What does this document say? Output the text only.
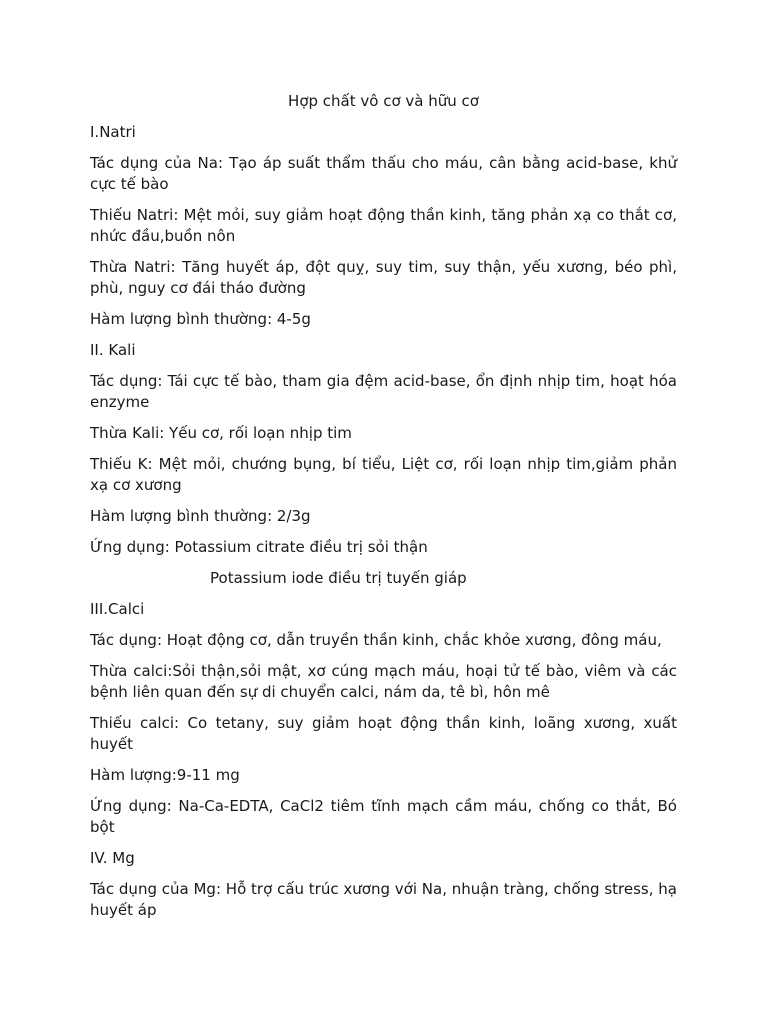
Hợp chất vô cơ và hữu cơ
I.Natri
Tác dụng của Na: Tạo áp suất thẩm thấu cho máu, cân bằng acid-base, khử cực tế bào
Thiếu Natri: Mệt mỏi, suy giảm hoạt động thần kinh, tăng phản xạ co thắt cơ, nhức đầu,buồn nôn
Thừa Natri: Tăng huyết áp, đột quỵ, suy tim, suy thận, yếu xương, béo phì, phù, nguy cơ đái tháo đường
Hàm lượng bình thường: 4-5g
II. Kali
Tác dụng: Tái cực tế bào, tham gia đệm acid-base, ổn định nhịp tim, hoạt hóa enzyme
Thừa Kali: Yếu cơ, rối loạn nhịp tim
Thiếu K: Mệt mỏi, chướng bụng, bí tiểu, Liệt cơ, rối loạn nhịp tim,giảm phản xạ cơ xương
Hàm lượng bình thường: 2/3g
Ứng dụng: Potassium citrate điều trị sỏi thận
Potassium iode điều trị tuyến giáp
III.Calci
Tác dụng: Hoạt động cơ, dẫn truyền thần kinh, chắc khỏe xương, đông máu,
Thừa calci:Sỏi thận,sỏi mật, xơ cúng mạch máu, hoại tử tế bào, viêm và các bệnh liên quan đến sự di chuyển calci, nám da, tê bì, hôn mê
Thiếu calci: Co tetany, suy giảm hoạt động thần kinh, loãng xương, xuất huyết
Hàm lượng:9-11 mg
Ứng dụng: Na-Ca-EDTA, CaCl2 tiêm tĩnh mạch cầm máu, chống co thắt, Bó bột
IV. Mg
Tác dụng của Mg: Hỗ trợ cấu trúc xương với Na, nhuận tràng, chống stress, hạ huyết áp
